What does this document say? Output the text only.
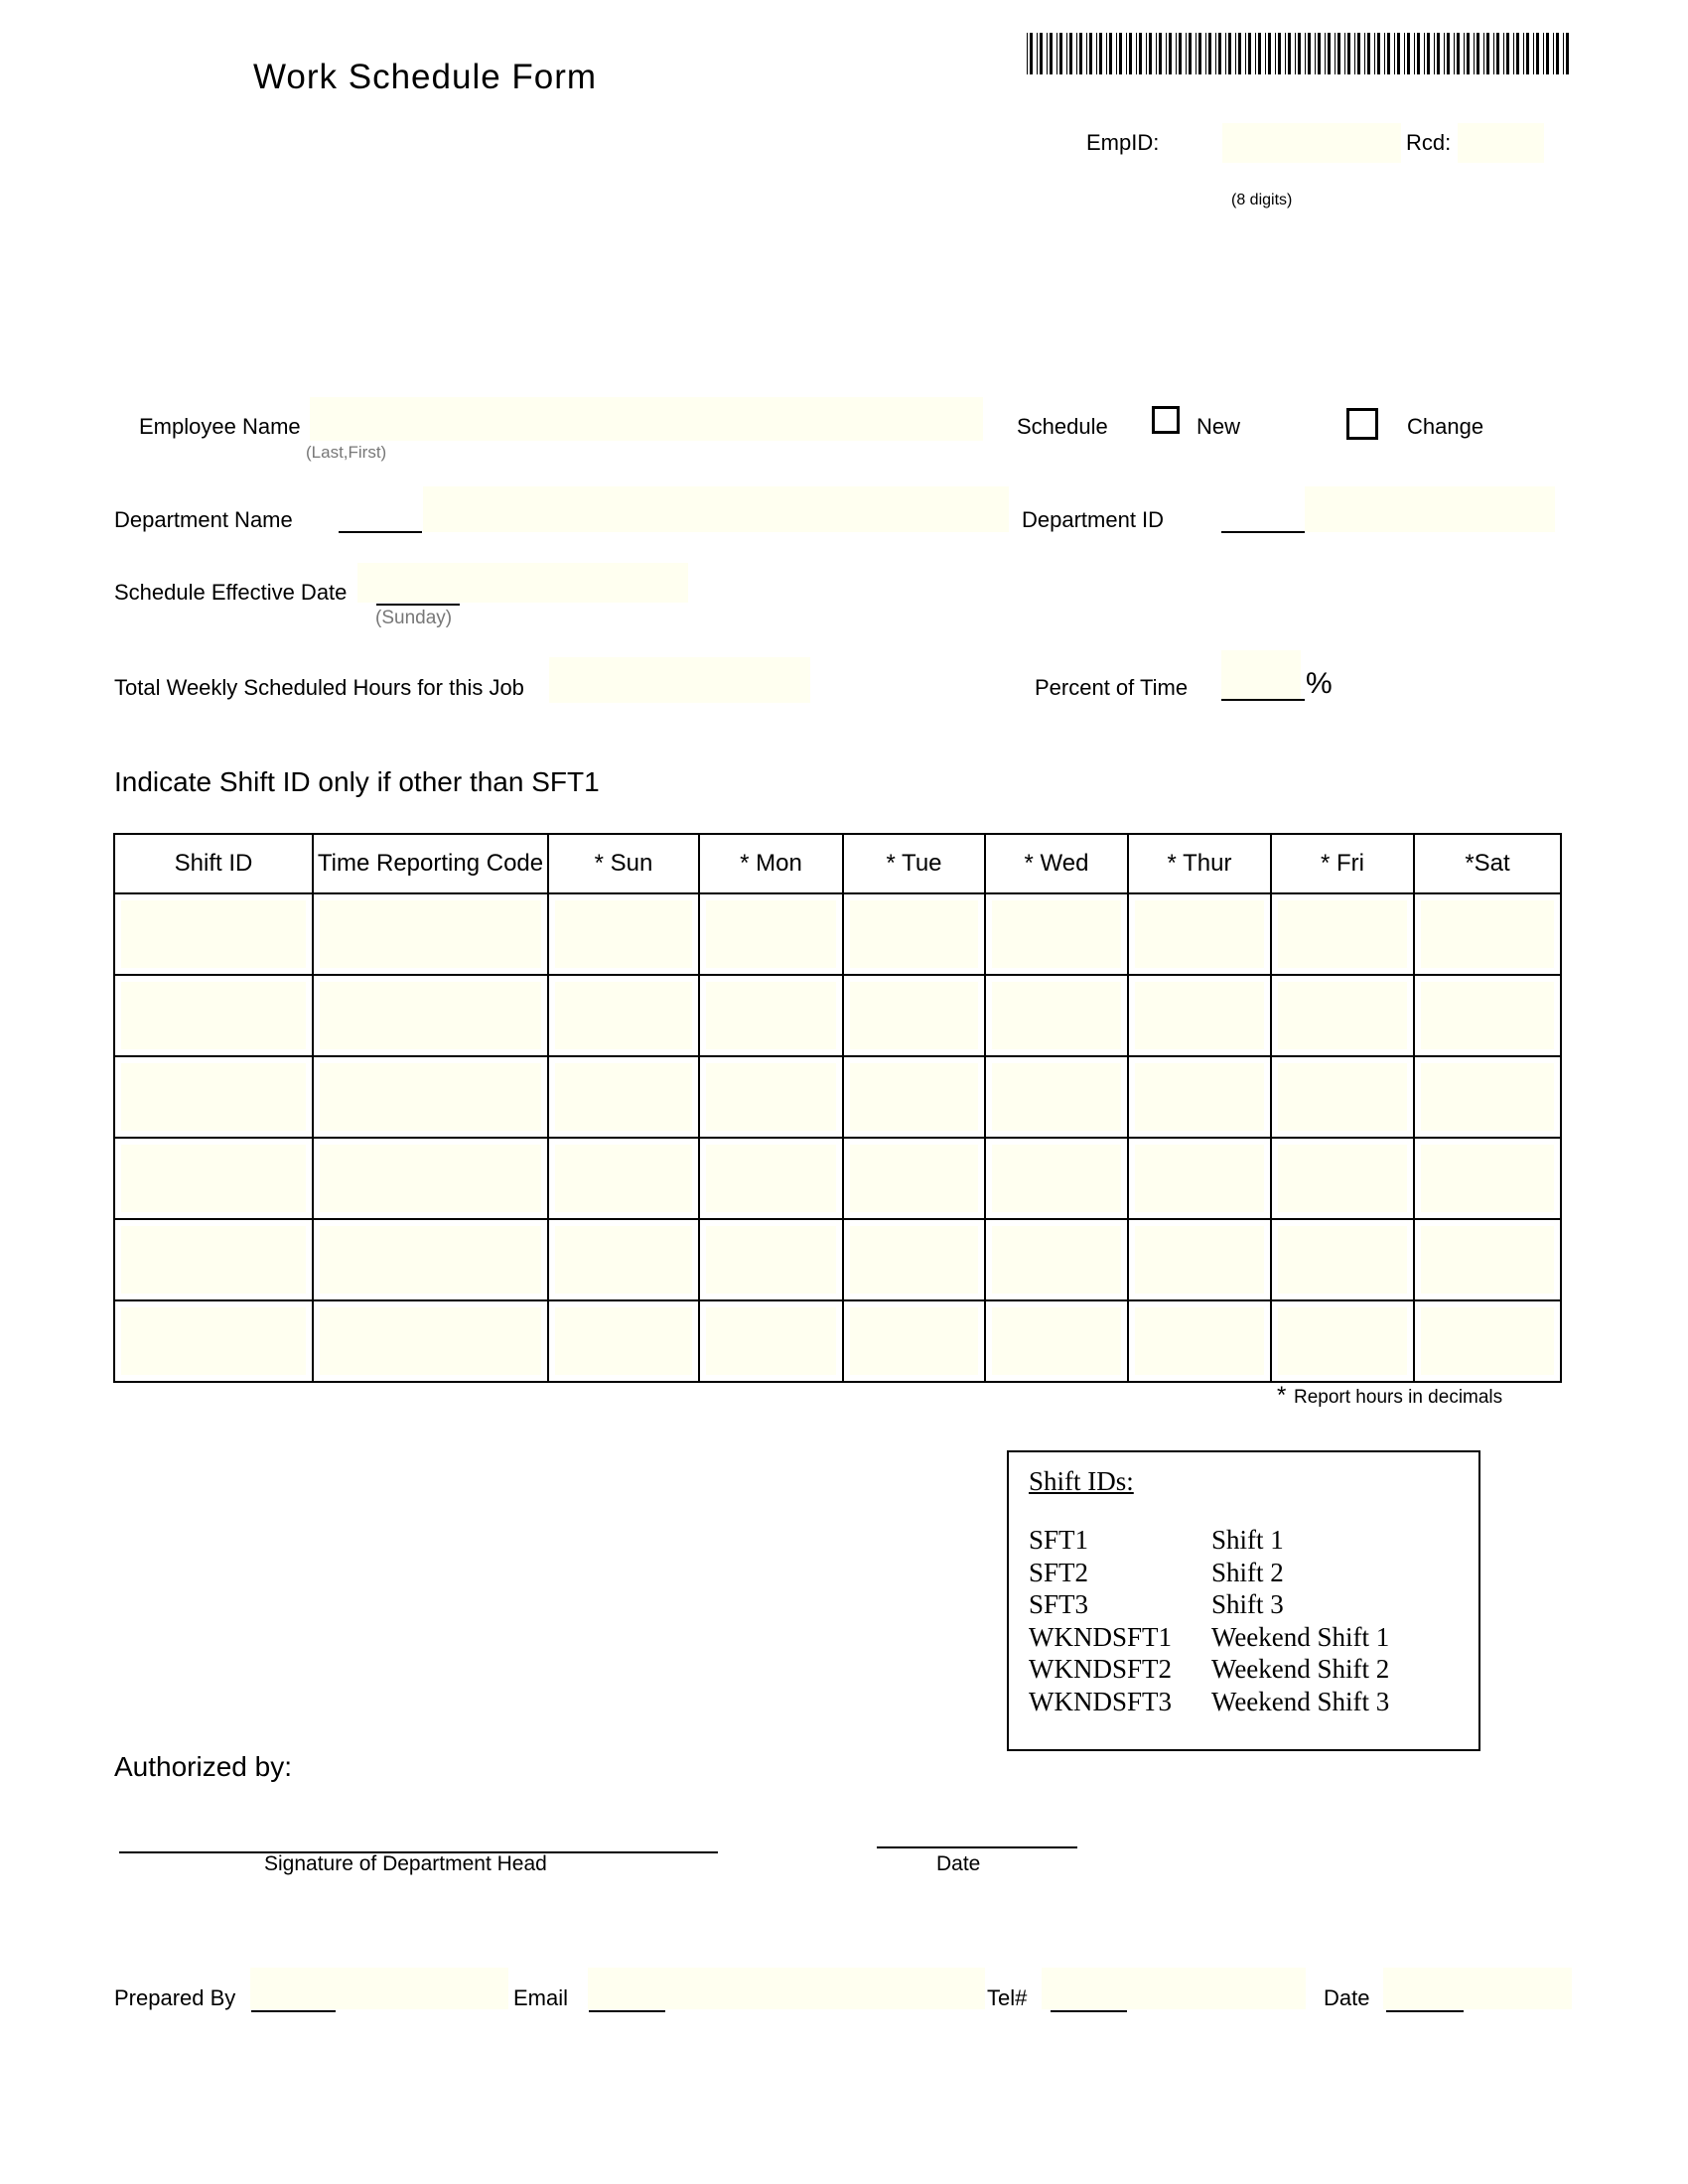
Work Schedule Form
EmpID:	Rcd:
(8 digits)
Employee Name
(Last,First)
Schedule	New	Change
Department Name	Department ID
Schedule Effective Date
(Sunday)
Total Weekly Scheduled Hours for this Job	Percent of Time	%
Indicate Shift ID only if other than SFT1
Shift ID	Time Reporting Code	* Sun	* Mon	* Tue	* Wed	* Thur	* Fri	*Sat

* Report hours in decimals
Shift IDs:
SFT1	Shift 1
SFT2	Shift 2
SFT3	Shift 3
WKNDSFT1 Weekend Shift 1
WKNDSFT2 Weekend Shift 2
WKNDSFT3 Weekend Shift 3
Authorized by:
Signature of Department Head	Date
Prepared By	Email	Tel#	Date
